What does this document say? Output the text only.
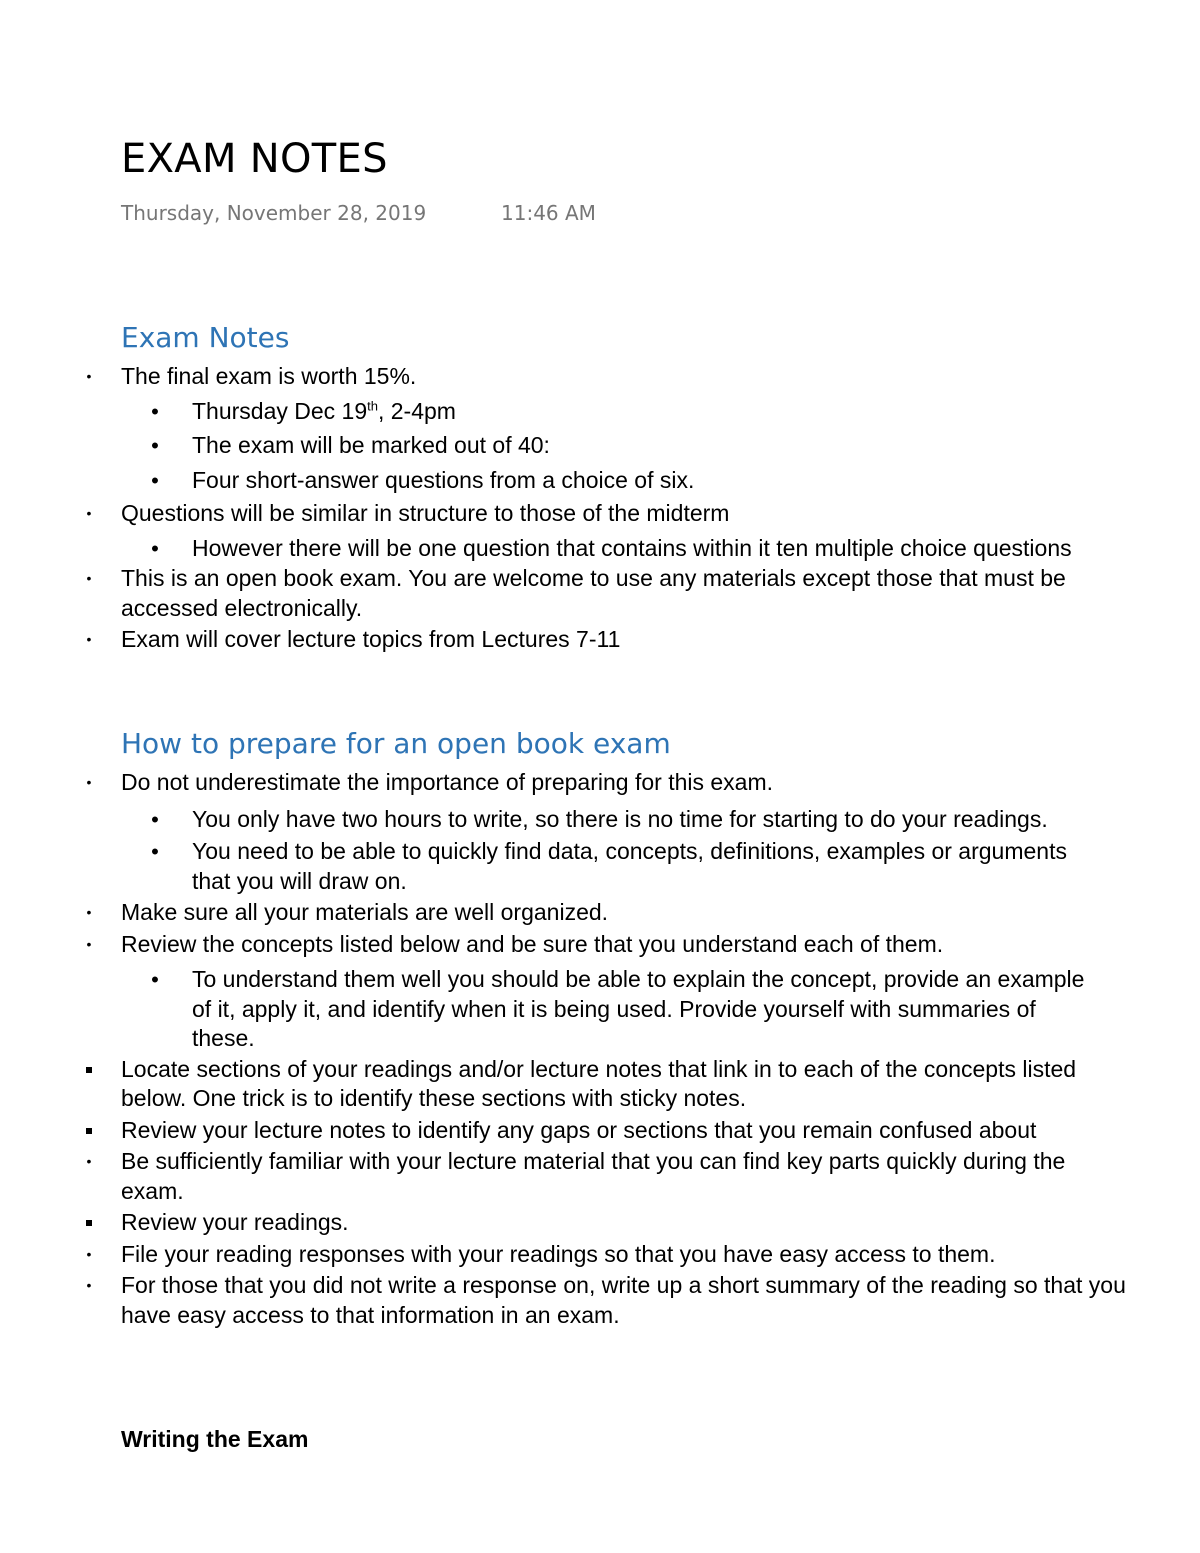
EXAM NOTES
Thursday, November 28, 2019	11:46 AM
Exam Notes
• The final exam is worth 15%.
• Thursday Dec 19th, 2-4pm
• The exam will be marked out of 40:
• Four short-answer questions from a choice of six.
• Questions will be similar in structure to those of the midterm
• However there will be one question that contains within it ten multiple choice questions
• This is an open book exam. You are welcome to use any materials except those that must be accessed electronically.
• Exam will cover lecture topics from Lectures 7-11
How to prepare for an open book exam
• Do not underestimate the importance of preparing for this exam.
• You only have two hours to write, so there is no time for starting to do your readings.
• You need to be able to quickly find data, concepts, definitions, examples or arguments that you will draw on.
• Make sure all your materials are well organized.
• Review the concepts listed below and be sure that you understand each of them.
• To understand them well you should be able to explain the concept, provide an example of it, apply it, and identify when it is being used. Provide yourself with summaries of these.
Locate sections of your readings and/or lecture notes that link in to each of the concepts listed below. One trick is to identify these sections with sticky notes.
Review your lecture notes to identify any gaps or sections that you remain confused about
• Be sufficiently familiar with your lecture material that you can find key parts quickly during the exam.
Review your readings.
• File your reading responses with your readings so that you have easy access to them.
• For those that you did not write a response on, write up a short summary of the reading so that you have easy access to that information in an exam.
Writing the Exam
